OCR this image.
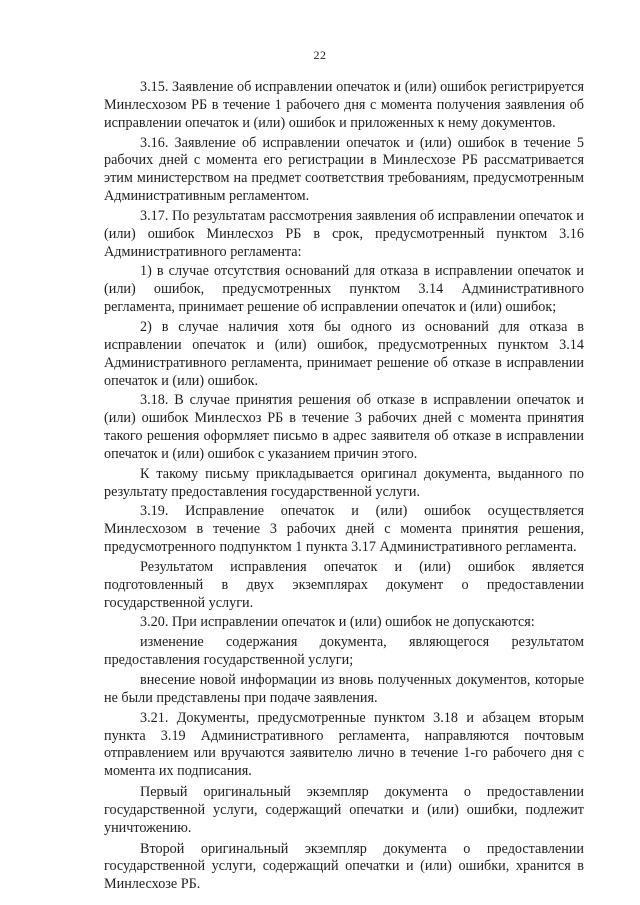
22

3.15. Заявление об исправлении опечаток и (или) ошибок регистрируется Минлесхозом РБ в течение 1 рабочего дня с момента получения заявления об исправлении опечаток и (или) ошибок и приложенных к нему документов.

3.16. Заявление об исправлении опечаток и (или) ошибок в течение 5 рабочих дней с момента его регистрации в Минлесхозе РБ рассматривается этим министерством на предмет соответствия требованиям, предусмотренным Административным регламентом.

3.17. По результатам рассмотрения заявления об исправлении опечаток и (или) ошибок Минлесхоз РБ в срок, предусмотренный пунктом 3.16 Административного регламента:

1) в случае отсутствия оснований для отказа в исправлении опечаток и (или) ошибок, предусмотренных пунктом 3.14 Административного регламента, принимает решение об исправлении опечаток и (или) ошибок;

2) в случае наличия хотя бы одного из оснований для отказа в исправлении опечаток и (или) ошибок, предусмотренных пунктом 3.14 Административного регламента, принимает решение об отказе в исправлении опечаток и (или) ошибок.

3.18. В случае принятия решения об отказе в исправлении опечаток и (или) ошибок Минлесхоз РБ в течение 3 рабочих дней с момента принятия такого решения оформляет письмо в адрес заявителя об отказе в исправлении опечаток и (или) ошибок с указанием причин этого.

К такому письму прикладывается оригинал документа, выданного по результату предоставления государственной услуги.

3.19. Исправление опечаток и (или) ошибок осуществляется Минлесхозом в течение 3 рабочих дней с момента принятия решения, предусмотренного подпунктом 1 пункта 3.17 Административного регламента.

Результатом исправления опечаток и (или) ошибок является подготовленный в двух экземплярах документ о предоставлении государственной услуги.

3.20. При исправлении опечаток и (или) ошибок не допускаются:

изменение содержания документа, являющегося результатом предоставления государственной услуги;

внесение новой информации из вновь полученных документов, которые не были представлены при подаче заявления.

3.21. Документы, предусмотренные пунктом 3.18 и абзацем вторым пункта 3.19 Административного регламента, направляются почтовым отправлением или вручаются заявителю лично в течение 1-го рабочего дня с момента их подписания.

Первый оригинальный экземпляр документа о предоставлении государственной услуги, содержащий опечатки и (или) ошибки, подлежит уничтожению.

Второй оригинальный экземпляр документа о предоставлении государственной услуги, содержащий опечатки и (или) ошибки, хранится в Минлесхозе РБ.
